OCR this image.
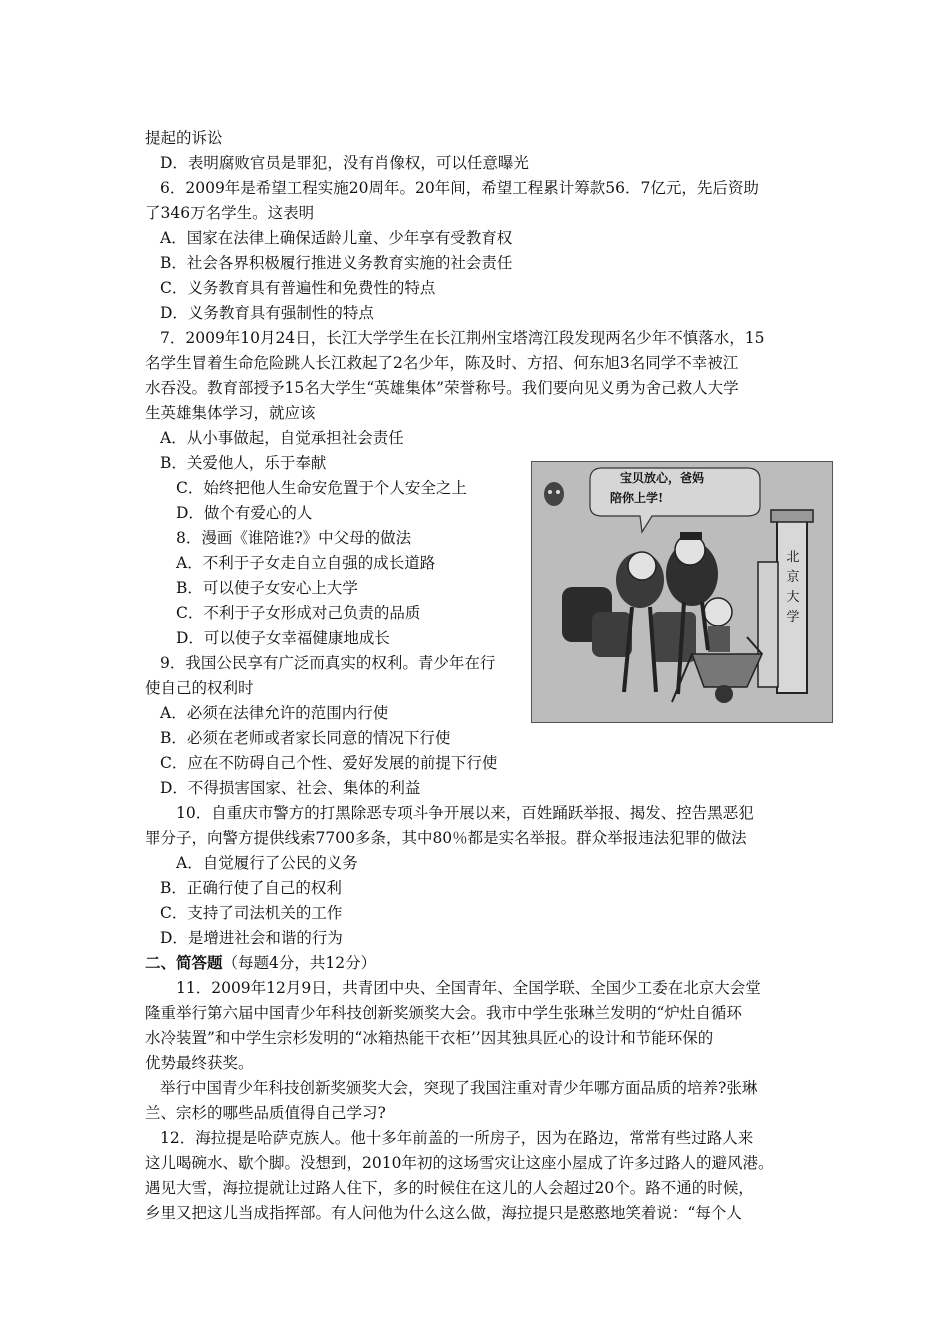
提起的诉讼
D．表明腐败官员是罪犯，没有肖像权，可以任意曝光
6．2009年是希望工程实施20周年。20年间，希望工程累计筹款56．7亿元，先后资助
了346万名学生。这表明
A．国家在法律上确保适龄儿童、少年享有受教育权
B．社会各界积极履行推进义务教育实施的社会责任
C．义务教育具有普遍性和免费性的特点
D．义务教育具有强制性的特点
7．2009年10月24日，长江大学学生在长江荆州宝塔湾江段发现两名少年不慎落水，15
名学生冒着生命危险跳人长江救起了2名少年，陈及时、方招、何东旭3名同学不幸被江
水吞没。教育部授予15名大学生“英雄集体”荣誉称号。我们要向见义勇为舍己救人大学
生英雄集体学习，就应该
A．从小事做起，自觉承担社会责任
B．关爱他人，乐于奉献
C．始终把他人生命安危置于个人安全之上
D．做个有爱心的人
8．漫画《谁陪谁?》中父母的做法
A．不利于子女走自立自强的成长道路
B．可以使子女安心上大学
C．不利于子女形成对己负责的品质
D．可以使子女幸福健康地成长
9．我国公民享有广泛而真实的权利。青少年在行
使自己的权利时
A．必须在法律允许的范围内行使
B．必须在老师或者家长同意的情况下行使
C．应在不防碍自己个性、爱好发展的前提下行使
D．不得损害国家、社会、集体的利益
10．自重庆市警方的打黑除恶专项斗争开展以来，百姓踊跃举报、揭发、控告黑恶犯
罪分子，向警方提供线索7700多条，其中80％都是实名举报。群众举报违法犯罪的做法
A．自觉履行了公民的义务
B．正确行使了自己的权利
C．支持了司法机关的工作
D．是增进社会和谐的行为
二、简答题（每题4分，共12分）
11．2009年12月9日，共青团中央、全国青年、全国学联、全国少工委在北京大会堂
隆重举行第六届中国青少年科技创新奖颁奖大会。我市中学生张琳兰发明的“炉灶自循环
水冷装置”和中学生宗杉发明的“冰箱热能干衣柜’’因其独具匠心的设计和节能环保的
优势最终获奖。
举行中国青少年科技创新奖颁奖大会，突现了我国注重对青少年哪方面品质的培养?张琳
兰、宗杉的哪些品质值得自己学习?
12．海拉提是哈萨克族人。他十多年前盖的一所房子，因为在路边，常常有些过路人来
这儿喝碗水、歇个脚。没想到，2010年初的这场雪灾让这座小屋成了许多过路人的避风港。
遇见大雪，海拉提就让过路人住下，多的时候住在这儿的人会超过20个。路不通的时候，
乡里又把这儿当成指挥部。有人问他为什么这么做，海拉提只是憨憨地笑着说：“每个人
宝贝放心，爸妈
陪你上学!
北京大学
